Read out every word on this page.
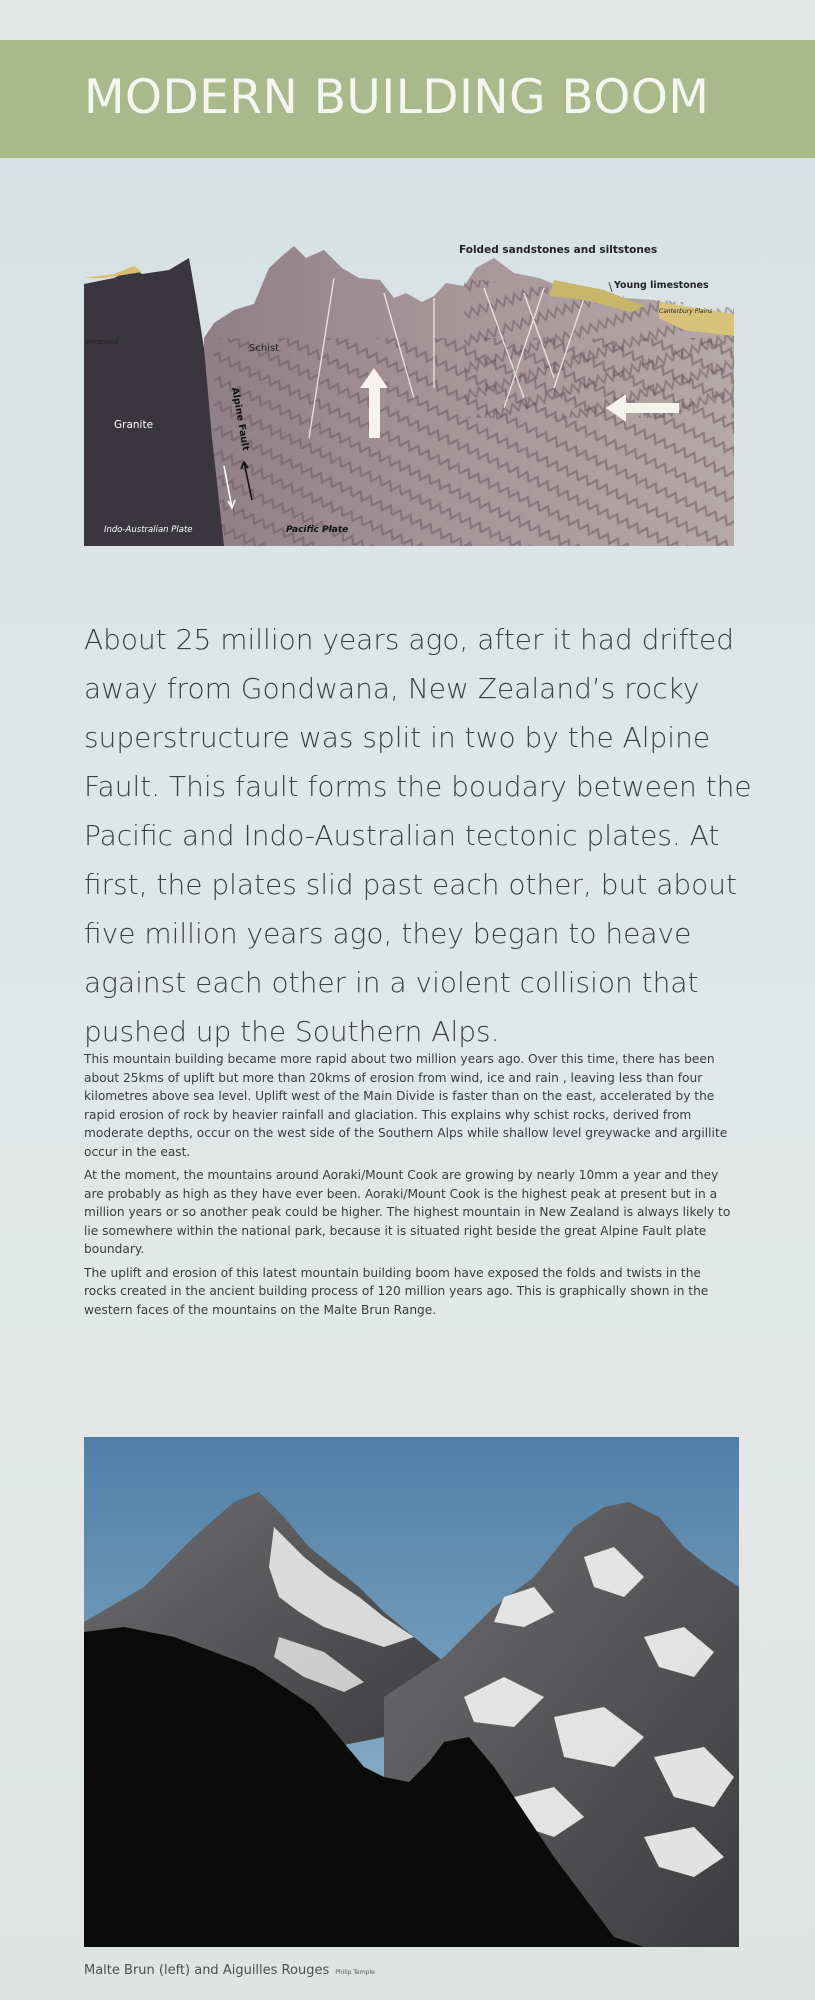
MODERN BUILDING BOOM
Folded sandstones and siltstones
Young limestones
Canterbury Plains
Westland
Schist
Granite	Alpine Fault
Indo-Australian Plate	Pacific Plate

About 25 million years ago, after it had drifted away from Gondwana, New Zealand’s rocky superstructure was split in two by the Alpine Fault. This fault forms the boudary between the Pacific and Indo-Australian tectonic plates. At first, the plates slid past each other, but about five million years ago, they began to heave against each other in a violent collision that pushed up the Southern Alps.

This mountain building became more rapid about two million years ago. Over this time, there has been about 25kms of uplift but more than 20kms of erosion from wind, ice and rain , leaving less than four kilometres above sea level. Uplift west of the Main Divide is faster than on the east, accelerated by the rapid erosion of rock by heavier rainfall and glaciation. This explains why schist rocks, derived from moderate depths, occur on the west side of the Southern Alps while shallow level greywacke and argillite occur in the east.

At the moment, the mountains around Aoraki/Mount Cook are growing by nearly 10mm a year and they are probably as high as they have ever been. Aoraki/Mount Cook is the highest peak at present but in a million years or so another peak could be higher. The highest mountain in New Zealand is always likely to lie somewhere within the national park, because it is situated right beside the great Alpine Fault plate boundary.

The uplift and erosion of this latest mountain building boom have exposed the folds and twists in the rocks created in the ancient building process of 120 million years ago. This is graphically shown in the western faces of the mountains on the Malte Brun Range.

Malte Brun (left) and Aiguilles Rouges Philip Temple
